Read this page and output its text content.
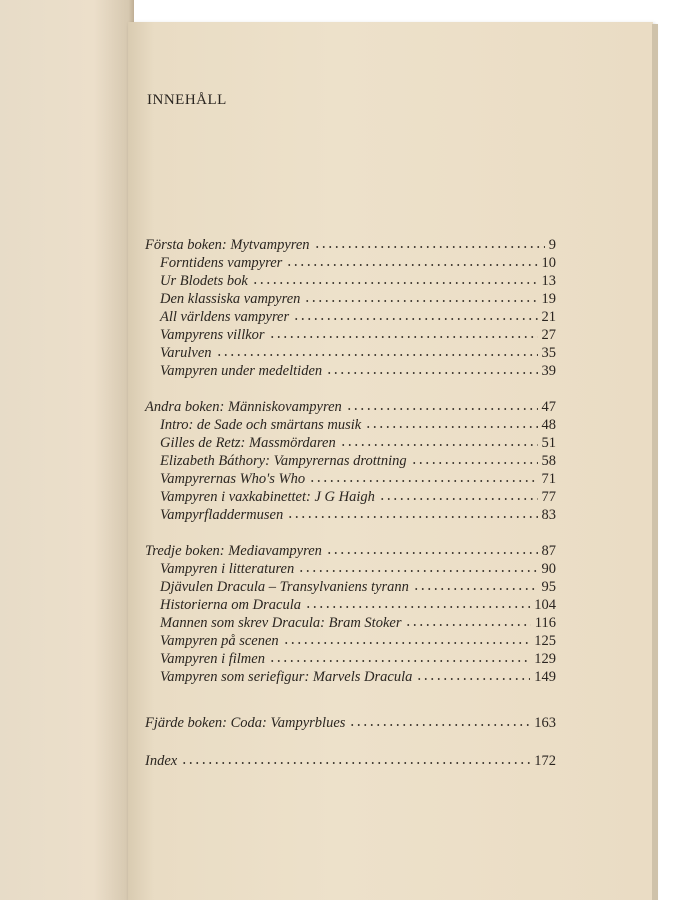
INNEHÅLL
Första boken: Mytvampyren	9
Forntidens vampyrer	10
Ur Blodets bok	13
Den klassiska vampyren	19
All världens vampyrer	21
Vampyrens villkor	27
Varulven	35
Vampyren under medeltiden	39
Andra boken: Människovampyren	47
Intro: de Sade och smärtans musik	48
Gilles de Retz: Massmördaren	51
Elizabeth Báthory: Vampyrernas drottning	58
Vampyrernas Who's Who	71
Vampyren i vaxkabinettet: J G Haigh	77
Vampyrfladdermusen	83
Tredje boken: Mediavampyren	87
Vampyren i litteraturen	90
Djävulen Dracula – Transylvaniens tyrann	95
Historierna om Dracula	104
Mannen som skrev Dracula: Bram Stoker	116
Vampyren på scenen	125
Vampyren i filmen	129
Vampyren som seriefigur: Marvels Dracula	149
Fjärde boken: Coda: Vampyrblues	163
Index	172
